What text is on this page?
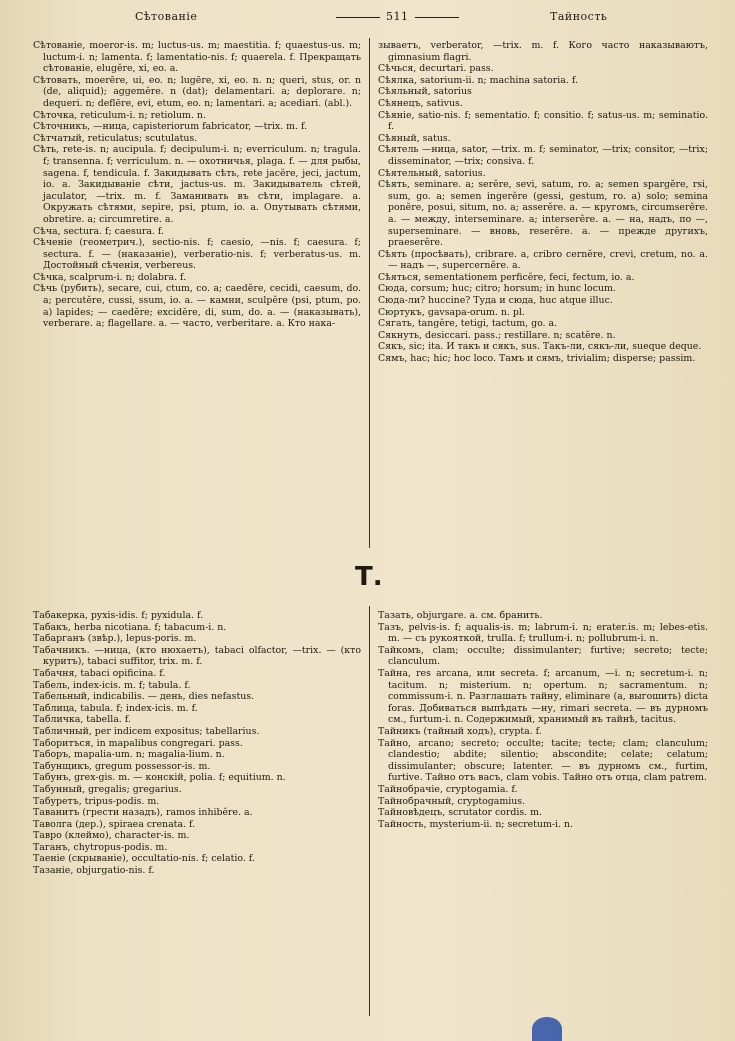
Сѣтованіе	511	Тайность

Сѣтованіе, moeror-is. m; luctus-us. m; maestitia. f; quaestus-us. m; luctum-i. n; lamenta. f; lamentatio-nis. f; quaerela. f. Прекращать сѣтованіе, elugĕre, xi, eo. a.

Сѣтовать, moerēre, ui, eo. n; lugēre, xi, eo. n. n; queri, stus, or. n (de, aliquid); aggemĕre. n (dat); delamentari. a; deplorare. n; dequeri. n; deflēre, evi, etum, eo. n; lamentari. a; acediari. (abl.).

Сѣточка, reticulum-i. n; retiolum. n.

Сѣточникъ, —ница, capisteriorum fabricator, —trix. m. f.

Сѣтчатый, reticulatus; scutulatus.

Сѣть, rete-is. n; aucipula. f; decipulum-i. n; everriculum. n; tragula. f; transenna. f; verriculum. n. — охотничья, plaga. f. — для рыбы, sagena. f, tendicula. f. Закидывать сѣть, rete jacĕre, jeci, jactum, io. a. Закидываніе сѣти, jactus-us. m. Закидыватель сѣтей, jaculator, —trix. m. f. Заманивать въ сѣти, implagare. a. Окружать сѣтями, sepire, psi, ptum, io. a. Опутывать сѣтями, obretire. a; circumretire. a.

Сѣча, sectura. f; caesura. f.

Сѣченіе (геометрич.), sectio-nis. f; caesio, —nis. f; caesura. f; sectura. f. — (наказаніе), verberatio-nis. f; verberatus-us. m. Достойный сѣченія, verbereus.

Сѣчка, scalprum-i. n; dolabra. f.

Сѣчь (рубить), secare, cui, ctum, co. a; caedĕre, cecidi, caesum, do. a; percutĕre, cussi, ssum, io. a. — камни, sculpĕre (psi, ptum, po. a) lapides; — caedĕre; excidĕre, di, sum, do. a. — (наказывать), verberare. a; flagellare. a. — часто, verberitare. a. Кто нака-

зываетъ, verberator, —trix. m. f. Кого часто наказываютъ, gimnasium flagri.

Сѣчься, decurtari. pass.

Сѣялка, satorium-ii. n; machina satoria. f.

Сѣяльный, satorius

Сѣянецъ, sativus.

Сѣяніе, satio-nis. f; sementatio. f; consitio. f; satus-us. m; seminatio. f.

Сѣяный, satus.

Сѣятель —ница, sator, —trix. m. f; seminator, —trix; consitor, —trix; disseminator, —trix; consiva. f.

Сѣятельный, satorius.

Сѣять, seminare. a; serĕre, sevi, satum, ro. a; semen spargĕre, rsi, sum, go. a; semen ingerĕre (gessi, gestum, ro. a) solo; semina ponĕre, posui, situm, no. a; asserĕre. a. — кругомъ, circumserĕre. a. — между, interseminare. a; interserĕre. a. — на, надъ, по —, superseminare. — вновь, reserĕre. a. — прежде другихъ, praeserĕre.

Сѣять (просѣвать), cribrare. a, cribro cernĕre, crevi, cretum, no. a. — надъ —, supercernĕre. a.

Сѣяться, sementationem perficĕre, feci, fectum, io. a.

Сюда, corsum; huc; citro; horsum; in hunc locum.

Сюда-ли? huccine? Туда и сюда, huc atque illuc.

Сюртукъ, gavsapa-orum. n. pl.

Сягать, tangĕre, tetigi, tactum, go. a.

Сякнуть, desiccari. pass.; restillare. n; scatĕre. n.

Сякъ, sic; ita. И такъ и сякъ, sus. Такъ-ли, сякъ-ли, sueque deque.

Сямъ, hac; hic; hoc loco. Тамъ и сямъ, trivialim; disperse; passim.

Т.

Табакерка, pyxis-idis. f; pyxidula. f.

Табакъ, herba nicotiana. f; tabacum-i. n.

Табарганъ (звѣр.), lepus-poris. m.

Табачникъ. —ница, (кто нюхаетъ), tabaci olfactor, —trix. — (кто куритъ), tabaci suffitor, trix. m. f.

Табачня, tabaci opificina. f.

Табель, index-icis. m. f; tabula. f.

Табельный, indicabilis. — день, dies nefastus.

Таблица, tabula. f; index-icis. m. f.

Табличка, tabella. f.

Табличный, per indicem expositus; tabellarius.

Таборитъся, in mapalibus congregari. pass.

Таборъ, mapalia-um. n; magalia-lium. n.

Табунщикъ, gregum possessor-is. m.

Табунъ, grex-gis. m. — конскій, polia. f; equitium. n.

Табунный, gregalis; gregarius.

Табуретъ, tripus-podis. m.

Таванитъ (грести назадъ), ramos inhibĕre. a.

Таволга (дер.), spiraea crenata. f.

Тавро (клеймо), character-is. m.

Таганъ, chytropus-podis. m.

Таеніе (скрываніе), occultatio-nis. f; celatio. f.

Тазаніе, objurgatio-nis. f.

Тазать, objurgare. a. см. бранить.

Тазъ, pelvis-is. f; aqualis-is. m; labrum-i. n; erater.is. m; lebes-etis. m. — съ рукояткой, trulla. f; trullum-i. n; pollubrum-i. n.

Тайкомъ, clam; occulte; dissimulanter; furtive; secreto; tecte; clanculum.

Тайна, res arcana, или secreta. f; arcanum, —i. n; secretum-i. n; tacitum. n; misterium. n; opertum. n; sacramentum. n; commissum-i. n. Разглашать тайну, eliminare (a, выгошить) dicta foras. Добиваться выпѣдать —ну, rimari secreta. — въ дурномъ см., furtum-i. n. Содержимый, хранимый въ тайнѣ, tacitus.

Тайникъ (тайный ходъ), crypta. f.

Тайно, arcano; secreto; occulte; tacite; tecte; clam; clanculum; clandestio; abdite; silentio; abscondite; celate; celatum; dissimulanter; obscure; latenter. — въ дурномъ см., furtim, furtive. Тайно отъ васъ, clam vobis. Тайно отъ отца, clam patrem.

Тайнобрачіе, cryptogamia. f.

Тайнобрачный, cryptogamius.

Тайновѣдецъ, scrutator cordis. m.

Тайность, mysterium-ii. n; secretum-i. n.
